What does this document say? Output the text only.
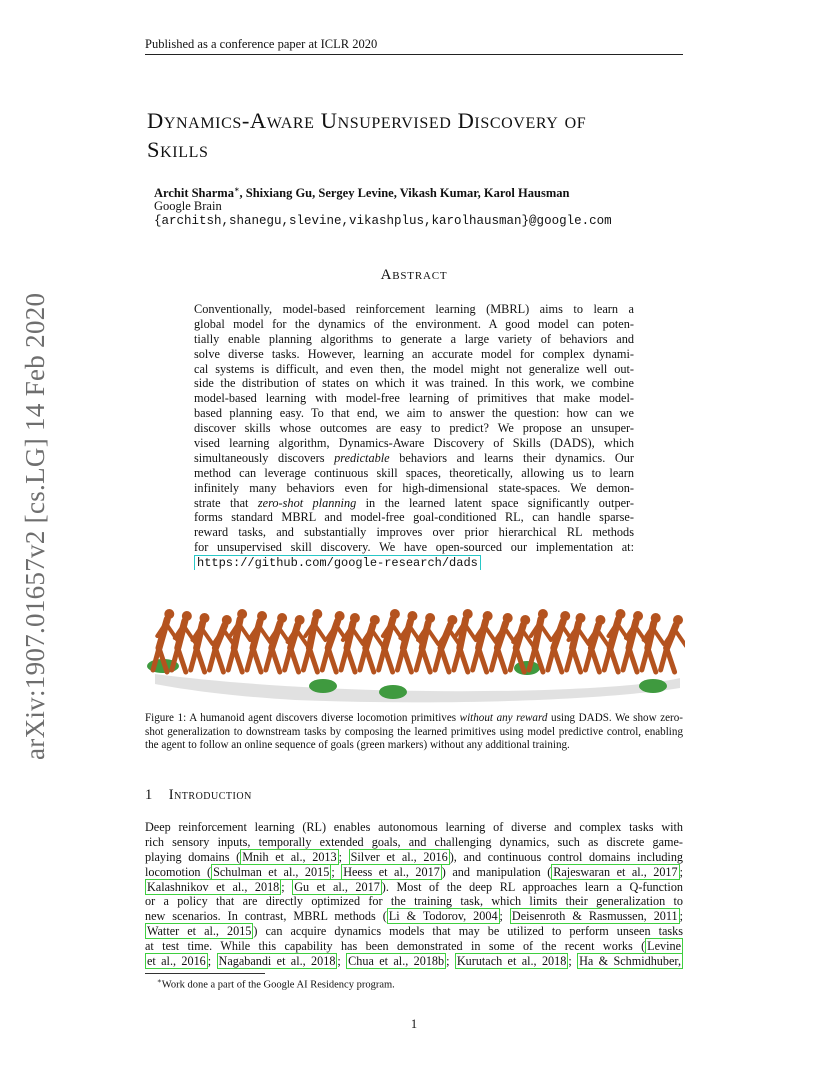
Published as a conference paper at ICLR 2020
Dynamics-Aware Unsupervised Discovery of
Skills
Archit Sharma∗, Shixiang Gu, Sergey Levine, Vikash Kumar, Karol Hausman
Google Brain
{architsh,shanegu,slevine,vikashplus,karolhausman}@google.com
Abstract
Conventionally, model-based reinforcement learning (MBRL) aims to learn a
global model for the dynamics of the environment. A good model can poten-
tially enable planning algorithms to generate a large variety of behaviors and
solve diverse tasks. However, learning an accurate model for complex dynami-
cal systems is difficult, and even then, the model might not generalize well out-
side the distribution of states on which it was trained. In this work, we combine
model-based learning with model-free learning of primitives that make model-
based planning easy. To that end, we aim to answer the question: how can we
discover skills whose outcomes are easy to predict? We propose an unsuper-
vised learning algorithm, Dynamics-Aware Discovery of Skills (DADS), which
simultaneously discovers predictable behaviors and learns their dynamics. Our
method can leverage continuous skill spaces, theoretically, allowing us to learn
infinitely many behaviors even for high-dimensional state-spaces. We demon-
strate that zero-shot planning in the learned latent space significantly outper-
forms standard MBRL and model-free goal-conditioned RL, can handle sparse-
reward tasks, and substantially improves over prior hierarchical RL methods
for unsupervised skill discovery. We have open-sourced our implementation at:
https://github.com/google-research/dads
arXiv:1907.01657v2 [cs.LG] 14 Feb 2020	Figure 1: A humanoid agent discovers diverse locomotion primitives without any reward using DADS. We show zero-shot generalization to downstream tasks by composing the learned primitives using model predictive control, enabling the agent to follow an online sequence of goals (green markers) without any additional training.
1 Introduction
Deep reinforcement learning (RL) enables autonomous learning of diverse and complex tasks with
rich sensory inputs, temporally extended goals, and challenging dynamics, such as discrete game-
playing domains ( Mnih et al., 2013 ; Silver et al., 2016 ), and continuous control domains including
locomotion ( Schulman et al., 2015 ; Heess et al., 2017 ) and manipulation ( Rajeswaran et al., 2017 ;
Kalashnikov et al., 2018 ; Gu et al., 2017 ). Most of the deep RL approaches learn a Q-function
or a policy that are directly optimized for the training task, which limits their generalization to
new scenarios. In contrast, MBRL methods ( Li & Todorov, 2004 ; Deisenroth & Rasmussen, 2011 ;
Watter et al., 2015 ) can acquire dynamics models that may be utilized to perform unseen tasks
at test time. While this capability has been demonstrated in some of the recent works ( Levine
et al., 2016 ; Nagabandi et al., 2018 ; Chua et al., 2018b ; Kurutach et al., 2018 ; Ha & Schmidhuber,
∗Work done a part of the Google AI Residency program.
1
